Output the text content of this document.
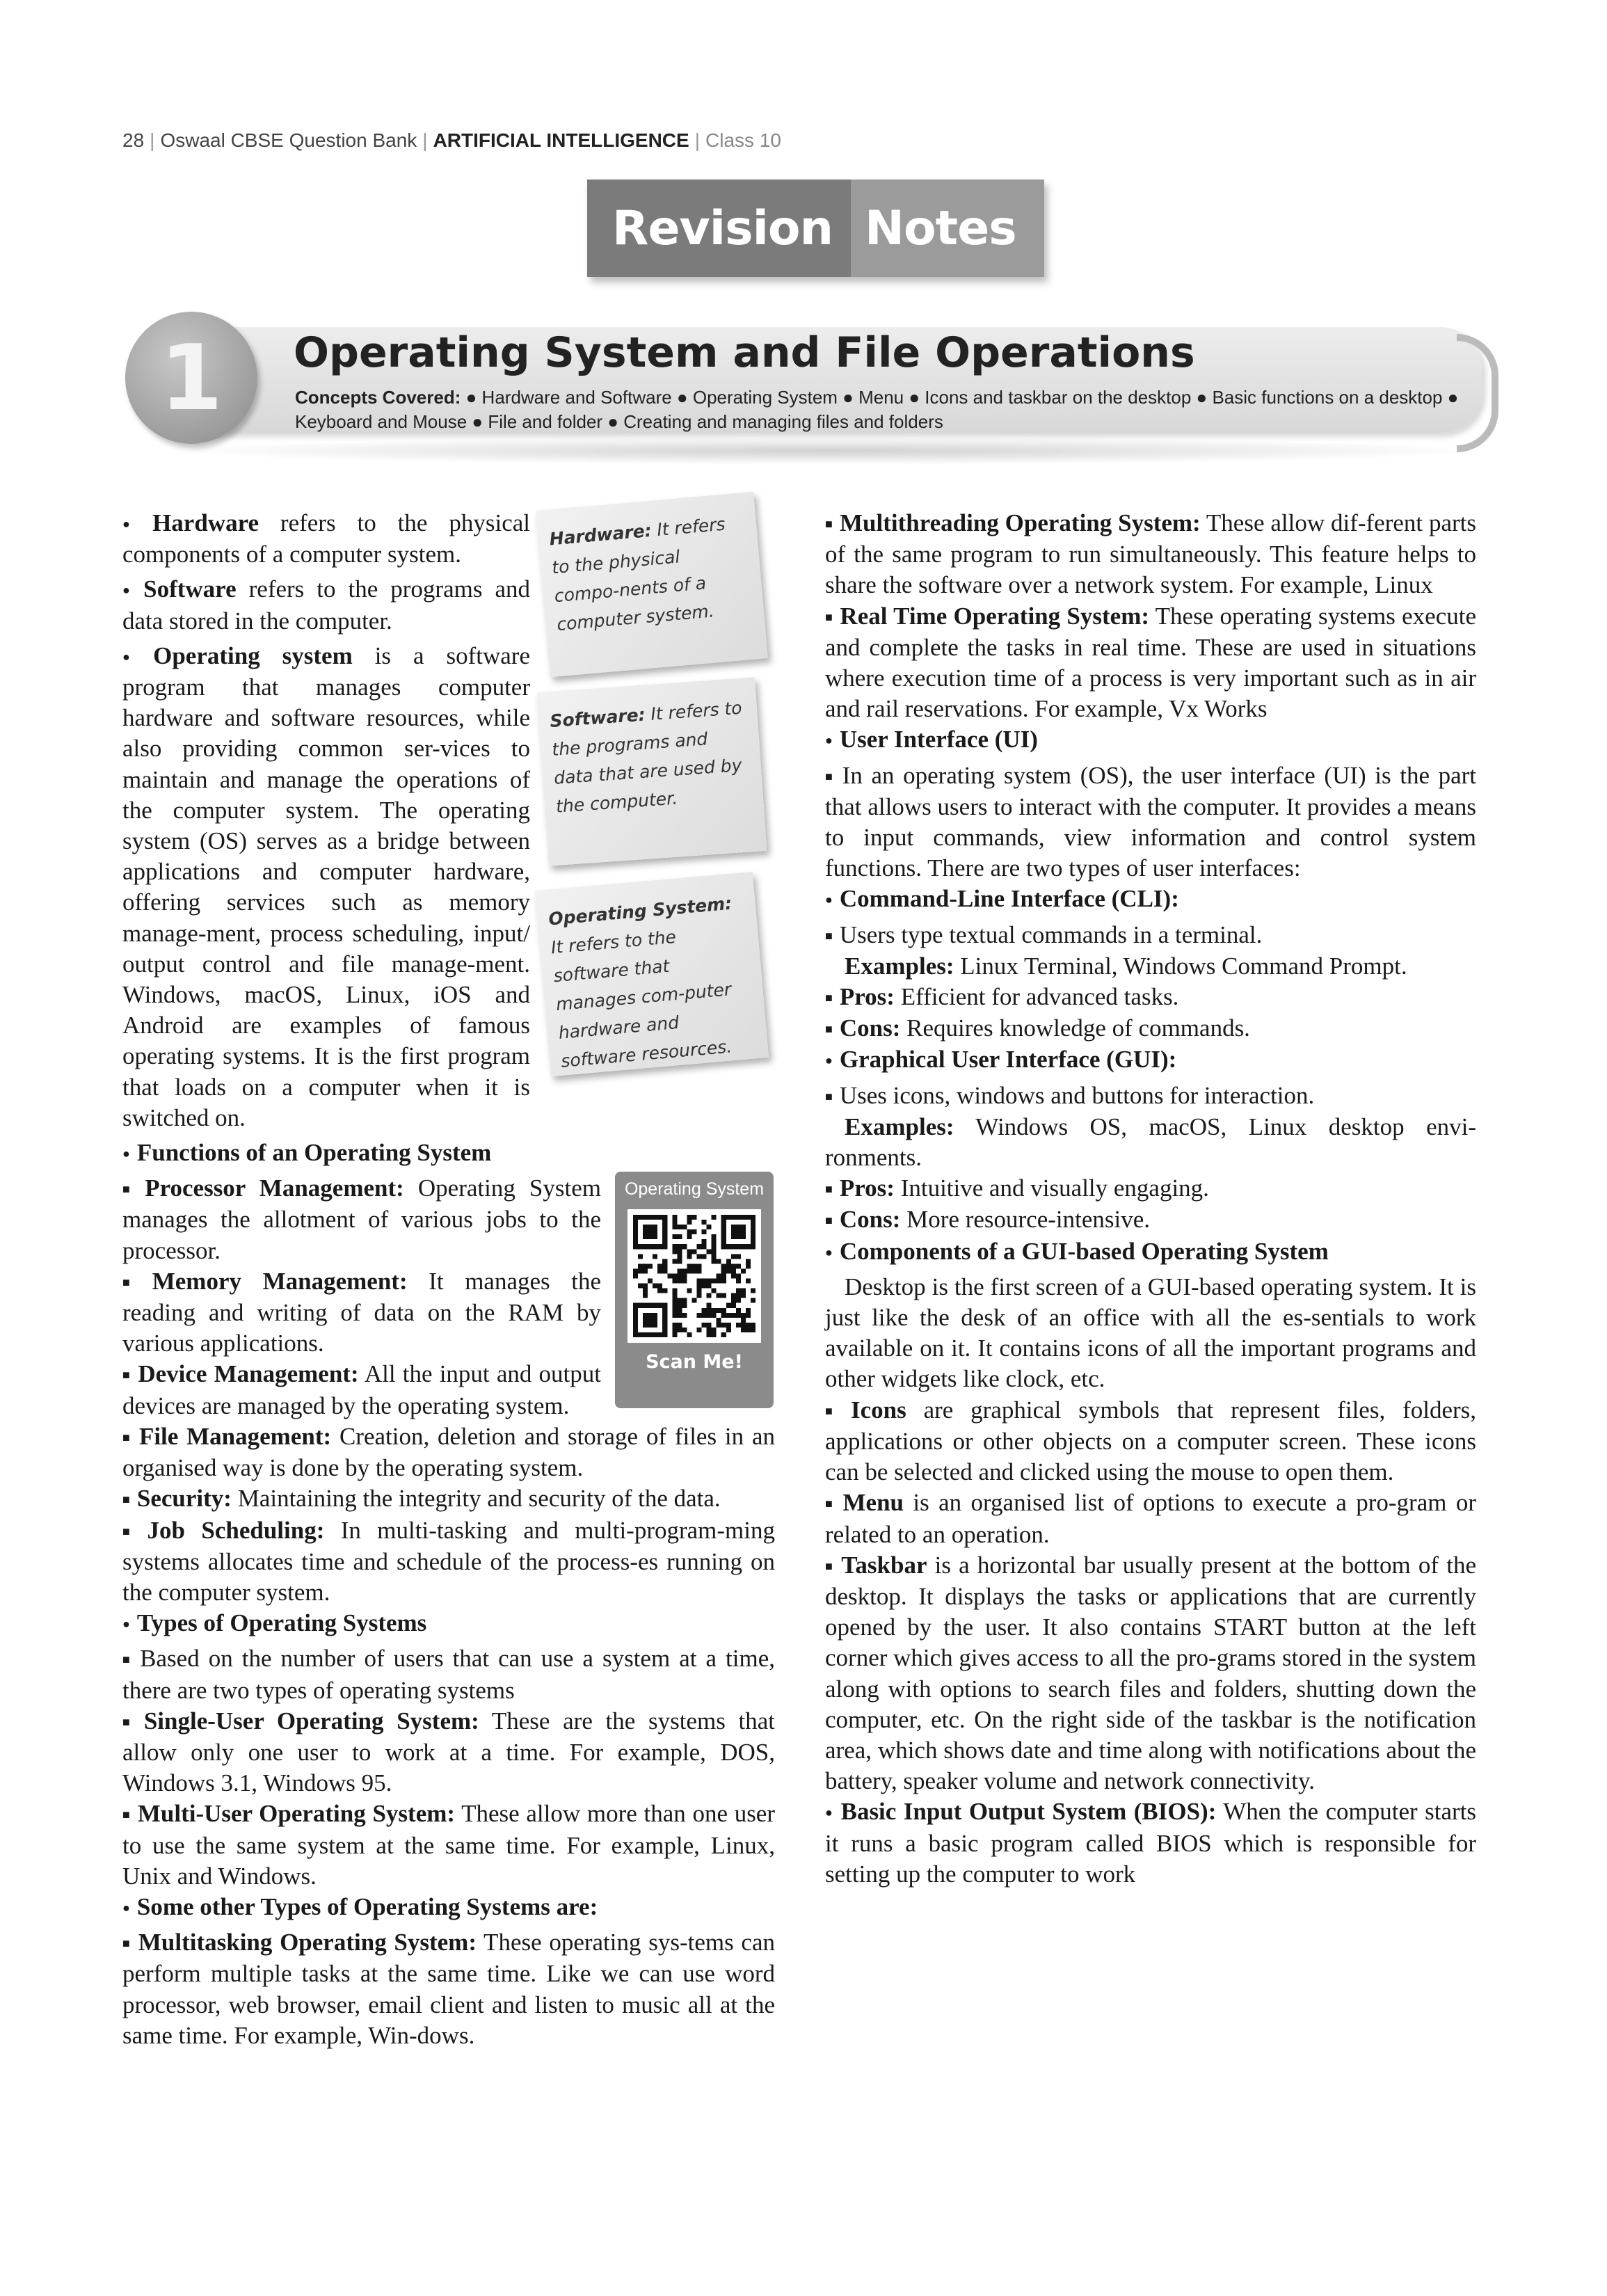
28 | Oswaal CBSE Question Bank | ARTIFICIAL INTELLIGENCE | Class 10
Revision Notes
1 Operating System and File Operations
Concepts Covered: ● Hardware and Software ● Operating System ● Menu ● Icons and taskbar on the desktop ● Basic functions on a desktop ● Keyboard and Mouse ● File and folder ● Creating and managing files and folders
Hardware: It refers to the physical compo-nents of a computer system.
Software: It refers to the programs and data that are used by the computer.
Operating System: It refers to the software that manages com-puter hardware and software resources.
Operating System
Scan Me!

● Hardware refers to the physical components of a computer system.

● Software refers to the programs and data stored in the computer.

● Operating system is a software program that manages computer hardware and software resources, while also providing common ser-vices to maintain and manage the operations of the computer system. The operating system (OS) serves as a bridge between applications and computer hardware, offering services such as memory manage-ment, process scheduling, input/ output control and file manage-ment. Windows, macOS, Linux, iOS and Android are examples of famous operating systems. It is the first program that loads on a computer when it is switched on.

● Functions of an Operating System

■ Processor Management: Operating System manages the allotment of various jobs to the processor.

■ Memory Management: It manages the reading and writing of data on the RAM by various applications.

■ Device Management: All the input and output devices are managed by the operating system.

■ File Management: Creation, deletion and storage of files in an organised way is done by the operating system.

■ Security: Maintaining the integrity and security of the data.

■ Job Scheduling: In multi-tasking and multi-program-ming systems allocates time and schedule of the process-es running on the computer system.

● Types of Operating Systems

■ Based on the number of users that can use a system at a time, there are two types of operating systems

■ Single-User Operating System: These are the systems that allow only one user to work at a time. For example, DOS, Windows 3.1, Windows 95.

■ Multi-User Operating System: These allow more than one user to use the same system at the same time. For example, Linux, Unix and Windows.

● Some other Types of Operating Systems are:

■ Multitasking Operating System: These operating sys-tems can perform multiple tasks at the same time. Like we can use word processor, web browser, email client and listen to music all at the same time. For example, Win-dows.

■ Multithreading Operating System: These allow dif-ferent parts of the same program to run simultaneously. This feature helps to share the software over a network system. For example, Linux

■ Real Time Operating System: These operating systems execute and complete the tasks in real time. These are used in situations where execution time of a process is very important such as in air and rail reservations. For example, Vx Works

● User Interface (UI)

■ In an operating system (OS), the user interface (UI) is the part that allows users to interact with the computer. It provides a means to input commands, view information and control system functions. There are two types of user interfaces:

● Command-Line Interface (CLI):

■ Users type textual commands in a terminal.

Examples: Linux Terminal, Windows Command Prompt.

■ Pros: Efficient for advanced tasks.

■ Cons: Requires knowledge of commands.

● Graphical User Interface (GUI):

■ Uses icons, windows and buttons for interaction.

Examples: Windows OS, macOS, Linux desktop envi-ronments.

■ Pros: Intuitive and visually engaging.

■ Cons: More resource-intensive.

● Components of a GUI-based Operating System

Desktop is the first screen of a GUI-based operating system. It is just like the desk of an office with all the es-sentials to work available on it. It contains icons of all the important programs and other widgets like clock, etc.

■ Icons are graphical symbols that represent files, folders, applications or other objects on a computer screen. These icons can be selected and clicked using the mouse to open them.

■ Menu is an organised list of options to execute a pro-gram or related to an operation.

■ Taskbar is a horizontal bar usually present at the bottom of the desktop. It displays the tasks or applications that are currently opened by the user. It also contains START button at the left corner which gives access to all the pro-grams stored in the system along with options to search files and folders, shutting down the computer, etc. On the right side of the taskbar is the notification area, which shows date and time along with notifications about the battery, speaker volume and network connectivity.

● Basic Input Output System (BIOS): When the computer starts it runs a basic program called BIOS which is responsible for setting up the computer to work
